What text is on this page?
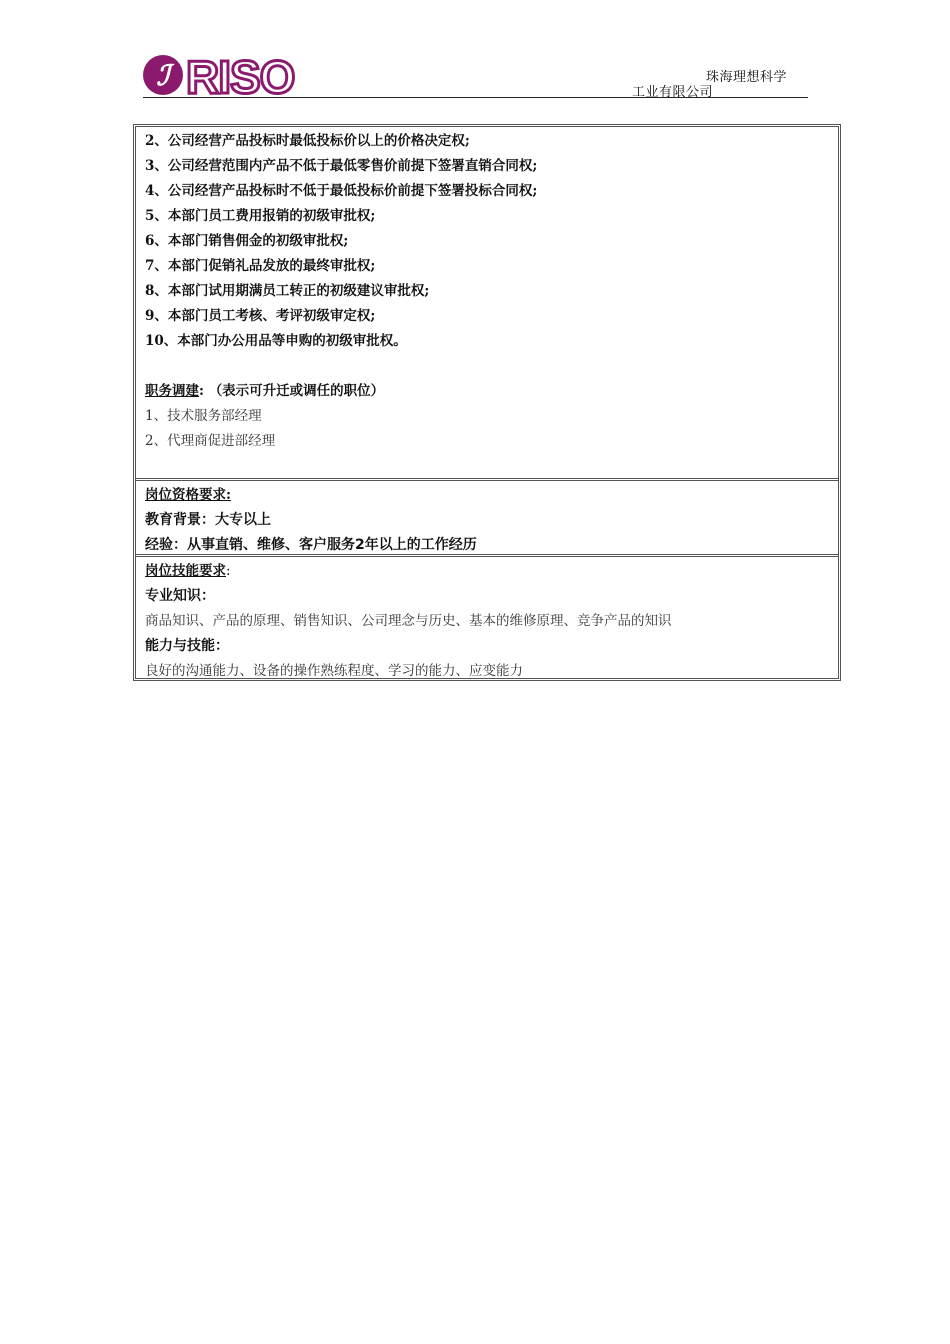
ℐ RISO	珠海理想科学
工业有限公司
2、公司经营产品投标时最低投标价以上的价格决定权;
3、公司经营范围内产品不低于最低零售价前提下签署直销合同权;
4、公司经营产品投标时不低于最低投标价前提下签署投标合同权;
5、本部门员工费用报销的初级审批权;
6、本部门销售佣金的初级审批权;
7、本部门促销礼品发放的最终审批权;
8、本部门试用期满员工转正的初级建议审批权;
9、本部门员工考核、考评初级审定权;
10、本部门办公用品等申购的初级审批权。
职务调建: （表示可升迁或调任的职位）
1、技术服务部经理
2、代理商促进部经理
岗位资格要求:
教育背景：大专以上
经验：从事直销、维修、客户服务2年以上的工作经历
岗位技能要求:
专业知识：
商品知识、产品的原理、销售知识、公司理念与历史、基本的维修原理、竞争产品的知识
能力与技能：
良好的沟通能力、设备的操作熟练程度、学习的能力、应变能力
